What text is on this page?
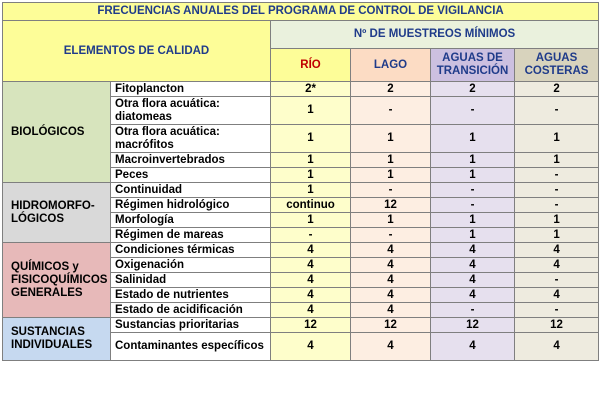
FRECUENCIAS ANUALES DEL PROGRAMA DE CONTROL DE VIGILANCIA					
ELEMENTOS DE CALIDAD		Nº DE MUESTREOS MÍNIMOS			
		RÍO	LAGO	AGUAS DE TRANSICIÓN	AGUAS COSTERAS
BIOLÓGICOS	Fitoplancton	2*	2	2	2
	Otra flora acuática: diatomeas	1	-	-	-
	Otra flora acuática: macrófitos	1	1	1	1
	Macroinvertebrados	1	1	1	1
	Peces	1	1	1	-
HIDROMORFO-LÓGICOS	Continuidad	1	-	-	-
	Régimen hidrológico	continuo	12	-	-
	Morfología	1	1	1	1
	Régimen de mareas	-	-	1	1
QUÍMICOS y FISICOQUÍMICOS GENERALES	Condiciones térmicas	4	4	4	4
	Oxigenación	4	4	4	4
	Salinidad	4	4	4	-
	Estado de nutrientes	4	4	4	4
	Estado de acidificación	4	4	-	-
SUSTANCIAS INDIVIDUALES	Sustancias prioritarias	12	12	12	12
	Contaminantes específicos	4	4	4	4
